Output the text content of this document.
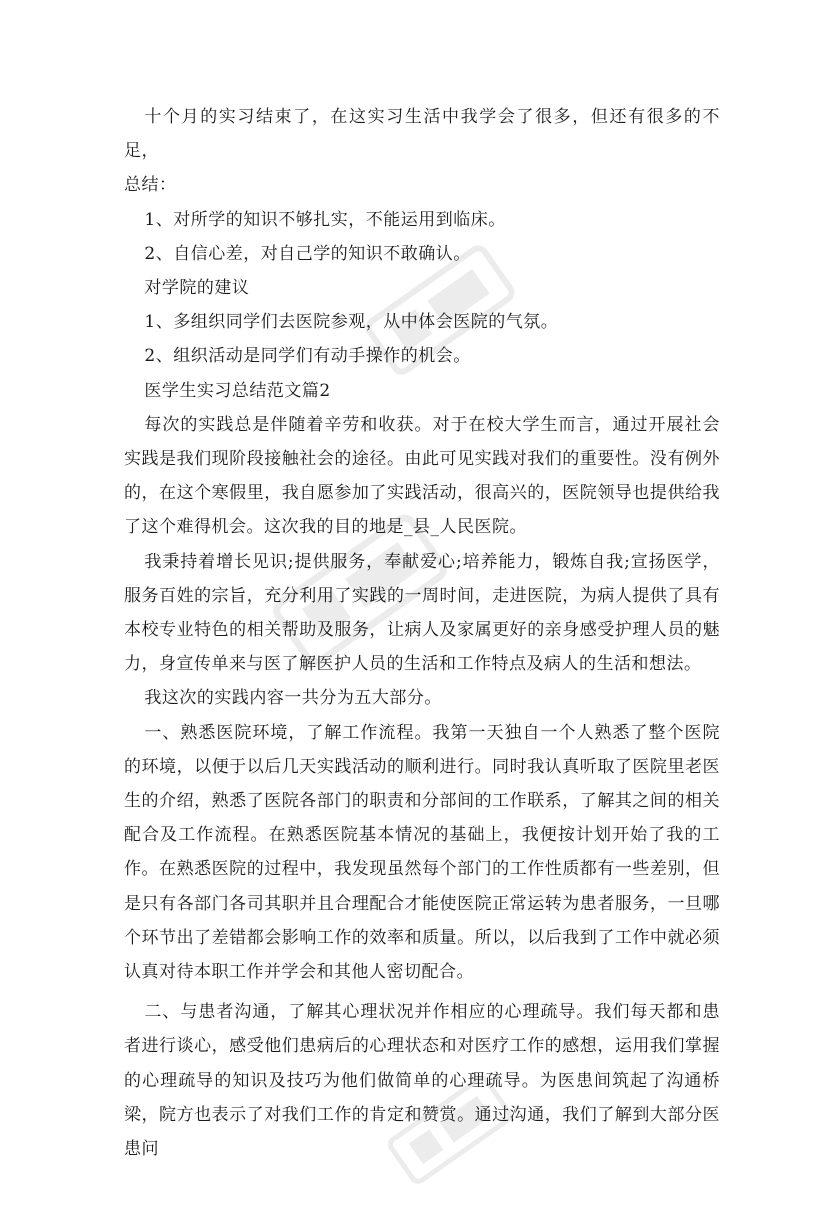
十个月的实习结束了，在这实习生活中我学会了很多，但还有很多的不足，

总结：

1、对所学的知识不够扎实，不能运用到临床。

2、自信心差，对自己学的知识不敢确认。

对学院的建议

1、多组织同学们去医院参观，从中体会医院的气氛。

2、组织活动是同学们有动手操作的机会。

医学生实习总结范文篇2

每次的实践总是伴随着辛劳和收获。对于在校大学生而言，通过开展社会实践是我们现阶段接触社会的途径。由此可见实践对我们的重要性。没有例外的，在这个寒假里，我自愿参加了实践活动，很高兴的，医院领导也提供给我了这个难得机会。这次我的目的地是_县_人民医院。

我秉持着增长见识;提供服务，奉献爱心;培养能力，锻炼自我;宣扬医学，服务百姓的宗旨，充分利用了实践的一周时间，走进医院，为病人提供了具有本校专业特色的相关帮助及服务，让病人及家属更好的亲身感受护理人员的魅力，身宣传单来与医了解医护人员的生活和工作特点及病人的生活和想法。

我这次的实践内容一共分为五大部分。

一、熟悉医院环境，了解工作流程。我第一天独自一个人熟悉了整个医院的环境，以便于以后几天实践活动的顺利进行。同时我认真听取了医院里老医生的介绍，熟悉了医院各部门的职责和分部间的工作联系，了解其之间的相关配合及工作流程。在熟悉医院基本情况的基础上，我便按计划开始了我的工作。在熟悉医院的过程中，我发现虽然每个部门的工作性质都有一些差别，但是只有各部门各司其职并且合理配合才能使医院正常运转为患者服务，一旦哪个环节出了差错都会影响工作的效率和质量。所以，以后我到了工作中就必须认真对待本职工作并学会和其他人密切配合。

二、与患者沟通，了解其心理状况并作相应的心理疏导。我们每天都和患者进行谈心，感受他们患病后的心理状态和对医疗工作的感想，运用我们掌握的心理疏导的知识及技巧为他们做简单的心理疏导。为医患间筑起了沟通桥梁，院方也表示了对我们工作的肯定和赞赏。通过沟通，我们了解到大部分医患问
